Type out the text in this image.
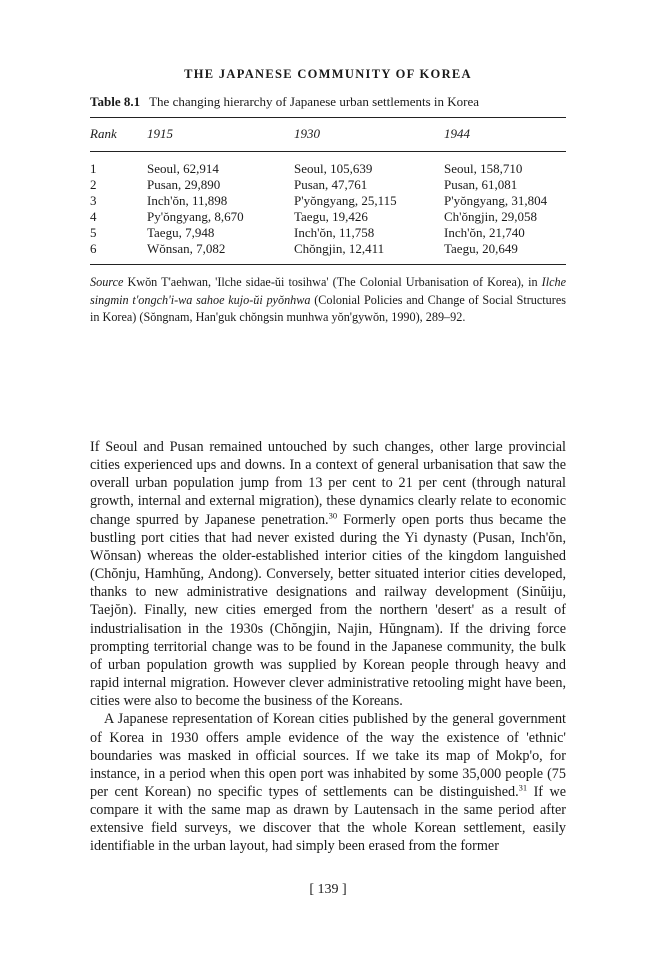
THE JAPANESE COMMUNITY OF KOREA
Table 8.1 The changing hierarchy of Japanese urban settlements in Korea
Rank 1915	1930	1944
1	Seoul, 62,914	Seoul, 105,639	Seoul, 158,710
2	Pusan, 29,890	Pusan, 47,761	Pusan, 61,081
3	Inch'ŏn, 11,898	P'yŏngyang, 25,115	P'yŏngyang, 31,804
4	Py'ŏngyang, 8,670	Taegu, 19,426	Ch'ŏngjin, 29,058
5	Taegu, 7,948	Inch'ŏn, 11,758	Inch'ŏn, 21,740
6	Wŏnsan, 7,082	Chŏngjin, 12,411	Taegu, 20,649
Source Kwŏn T'aehwan, 'Ilche sidae-ŭi tosihwa' (The Colonial Urbanisation of Korea), in Ilche singmin t'ongch'i-wa sahoe kujo-ŭi pyŏnhwa (Colonial Policies and Change of Social Structures in Korea) (Sŏngnam, Han'guk chŏngsin munhwa yŏn'gywŏn, 1990), 289–92.

If Seoul and Pusan remained untouched by such changes, other large provincial cities experienced ups and downs. In a context of general urbanisation that saw the overall urban population jump from 13 per cent to 21 per cent (through natural growth, internal and external migration), these dynamics clearly relate to economic change spurred by Japanese penetration.$^{30}$ Formerly open ports thus became the bustling port cities that had never existed during the Yi dynasty (Pusan, Inch'ŏn, Wŏnsan) whereas the older-established interior cities of the kingdom languished (Chŏnju, Hamhŭng, Andong). Conversely, better situated interior cities developed, thanks to new administrative designations and railway development (Sinŭiju, Taejŏn). Finally, new cities emerged from the northern 'desert' as a result of industrialisation in the 1930s (Chŏngjin, Najin, Hŭngnam). If the driving force prompting territorial change was to be found in the Japanese community, the bulk of urban population growth was supplied by Korean people through heavy and rapid internal migration. However clever administrative retooling might have been, cities were also to become the business of the Koreans.

A Japanese representation of Korean cities published by the general government of Korea in 1930 offers ample evidence of the way the existence of 'ethnic' boundaries was masked in official sources. If we take its map of Mokp'o, for instance, in a period when this open port was inhabited by some 35,000 people (75 per cent Korean) no specific types of settlements can be distinguished.$^{31}$ If we compare it with the same map as drawn by Lautensach in the same period after extensive field surveys, we discover that the whole Korean settlement, easily identifiable in the urban layout, had simply been erased from the former

[ 139 ]
